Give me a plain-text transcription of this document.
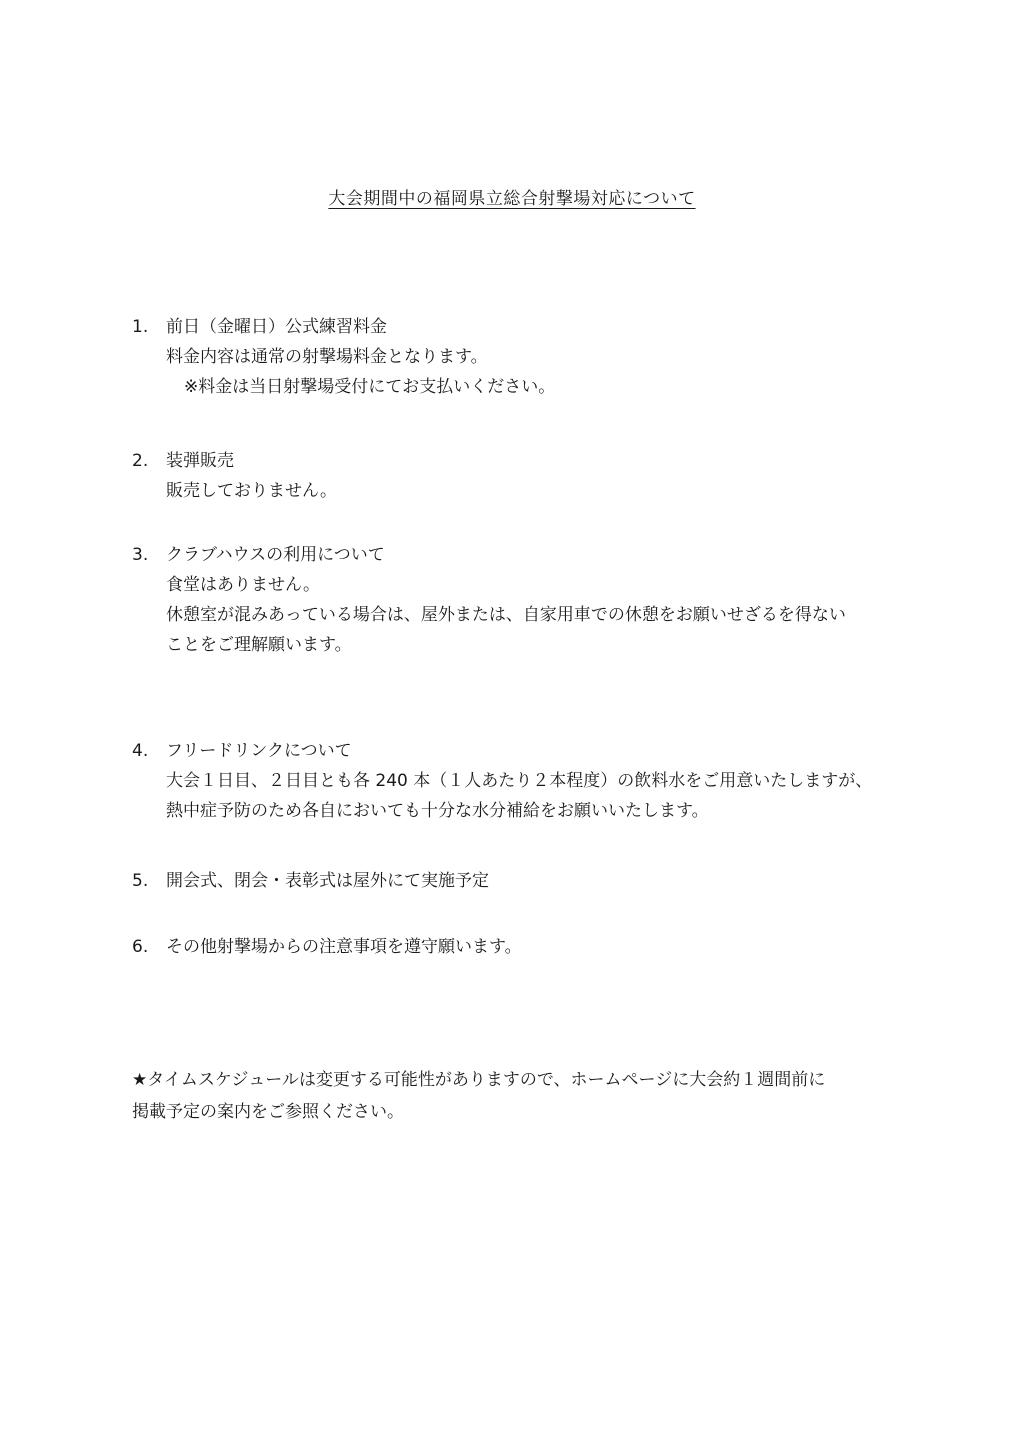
大会期間中の福岡県立総合射撃場対応について
1. 前日（金曜日）公式練習料金
料金内容は通常の射撃場料金となります。
※料金は当日射撃場受付にてお支払いください。
2. 装弾販売
販売しておりません。
3. クラブハウスの利用について
食堂はありません。
休憩室が混みあっている場合は、屋外または、自家用車での休憩をお願いせざるを得ない
ことをご理解願います。
4. フリードリンクについて
大会１日目、２日目とも各 240 本（１人あたり２本程度）の飲料水をご用意いたしますが、
熱中症予防のため各自においても十分な水分補給をお願いいたします。
5. 開会式、閉会・表彰式は屋外にて実施予定
6. その他射撃場からの注意事項を遵守願います。
★タイムスケジュールは変更する可能性がありますので、ホームページに大会約１週間前に
掲載予定の案内をご参照ください。
